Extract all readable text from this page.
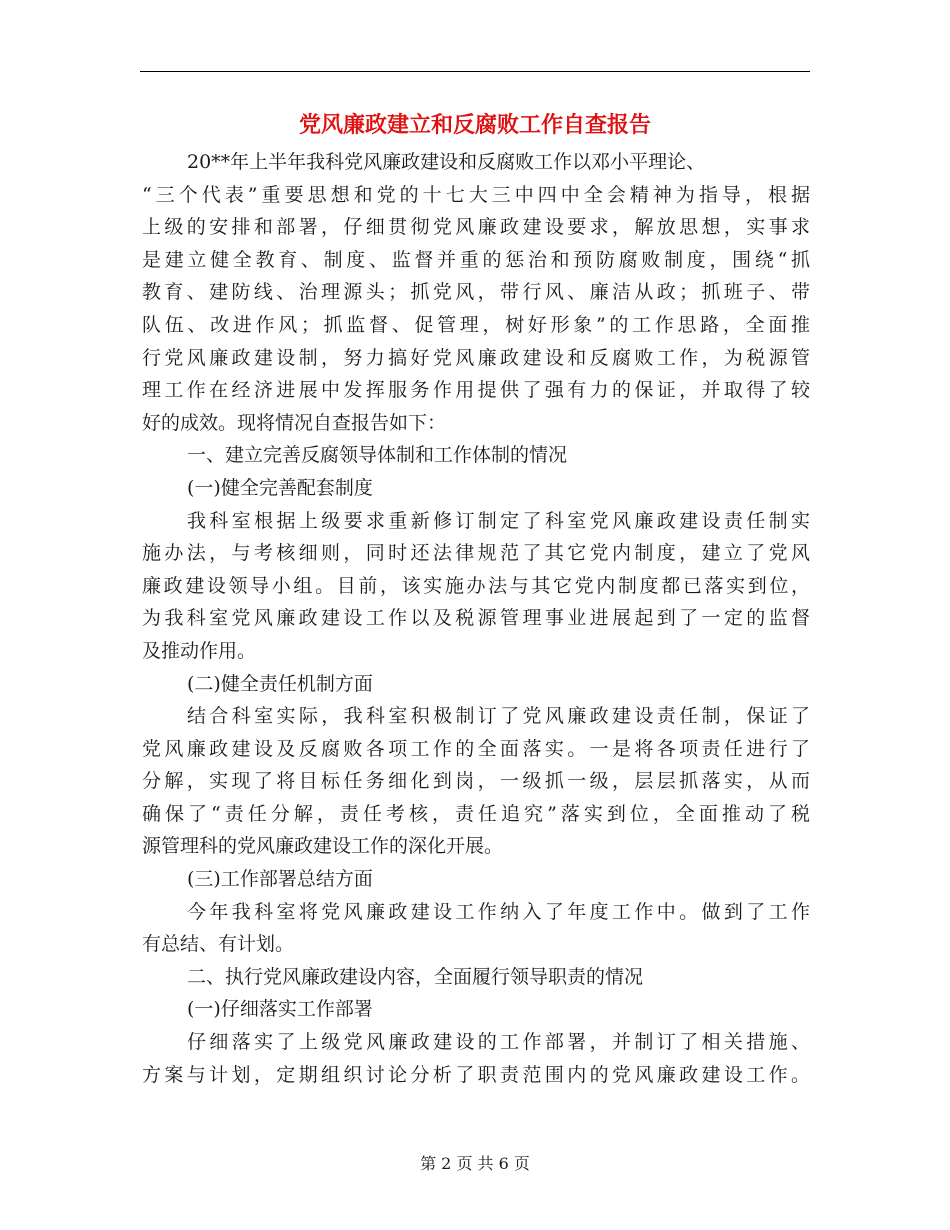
党风廉政建立和反腐败工作自查报告
20**年上半年我科党风廉政建设和反腐败工作以邓小平理论、
“三个代表”重要思想和党的十七大三中四中全会精神为指导，根据
上级的安排和部署，仔细贯彻党风廉政建设要求，解放思想，实事求
是建立健全教育、制度、监督并重的惩治和预防腐败制度，围绕“抓
教育、建防线、治理源头；抓党风，带行风、廉洁从政；抓班子、带
队伍、改进作风；抓监督、促管理，树好形象”的工作思路，全面推
行党风廉政建设制，努力搞好党风廉政建设和反腐败工作，为税源管
理工作在经济进展中发挥服务作用提供了强有力的保证，并取得了较
好的成效。现将情况自查报告如下：
一、建立完善反腐领导体制和工作体制的情况
(一)健全完善配套制度
我科室根据上级要求重新修订制定了科室党风廉政建设责任制实
施办法，与考核细则，同时还法律规范了其它党内制度，建立了党风
廉政建设领导小组。目前，该实施办法与其它党内制度都已落实到位，
为我科室党风廉政建设工作以及税源管理事业进展起到了一定的监督
及推动作用。
(二)健全责任机制方面
结合科室实际，我科室积极制订了党风廉政建设责任制，保证了
党风廉政建设及反腐败各项工作的全面落实。一是将各项责任进行了
分解，实现了将目标任务细化到岗，一级抓一级，层层抓落实，从而
确保了“责任分解，责任考核，责任追究”落实到位，全面推动了税
源管理科的党风廉政建设工作的深化开展。
(三)工作部署总结方面
今年我科室将党风廉政建设工作纳入了年度工作中。做到了工作
有总结、有计划。
二、执行党风廉政建设内容，全面履行领导职责的情况
(一)仔细落实工作部署
仔细落实了上级党风廉政建设的工作部署，并制订了相关措施、
方案与计划，定期组织讨论分析了职责范围内的党风廉政建设工作。
第 2 页 共 6 页
